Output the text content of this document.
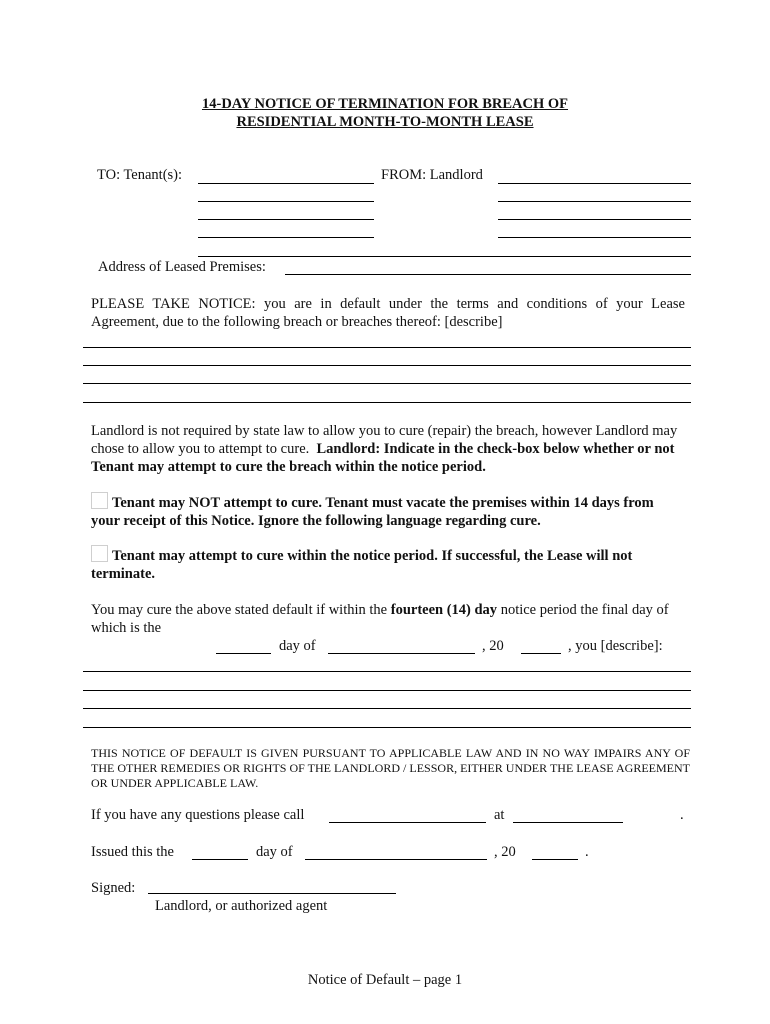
14-DAY NOTICE OF TERMINATION FOR BREACH OF
RESIDENTIAL MONTH-TO-MONTH LEASE
TO: Tenant(s):	FROM: Landlord
Address of Leased Premises:
PLEASE TAKE NOTICE: you are in default under the terms and conditions of your Lease Agreement, due to the following breach or breaches thereof: [describe]
Landlord is not required by state law to allow you to cure (repair) the breach, however Landlord may chose to allow you to attempt to cure. Landlord: Indicate in the check-box below whether or not Tenant may attempt to cure the breach within the notice period.
Tenant may NOT attempt to cure. Tenant must vacate the premises within 14 days from your receipt of this Notice. Ignore the following language regarding cure.
Tenant may attempt to cure within the notice period. If successful, the Lease will not terminate.
You may cure the above stated default if within the fourteen (14) day notice period the final day of which is the
day of	, 20	, you [describe]:
THIS NOTICE OF DEFAULT IS GIVEN PURSUANT TO APPLICABLE LAW AND IN NO WAY IMPAIRS ANY OF THE OTHER REMEDIES OR RIGHTS OF THE LANDLORD / LESSOR, EITHER UNDER THE LEASE AGREEMENT OR UNDER APPLICABLE LAW.
If you have any questions please call	at	.
Issued this the	day of	, 20	.
Signed:
Landlord, or authorized agent
Notice of Default – page 1
